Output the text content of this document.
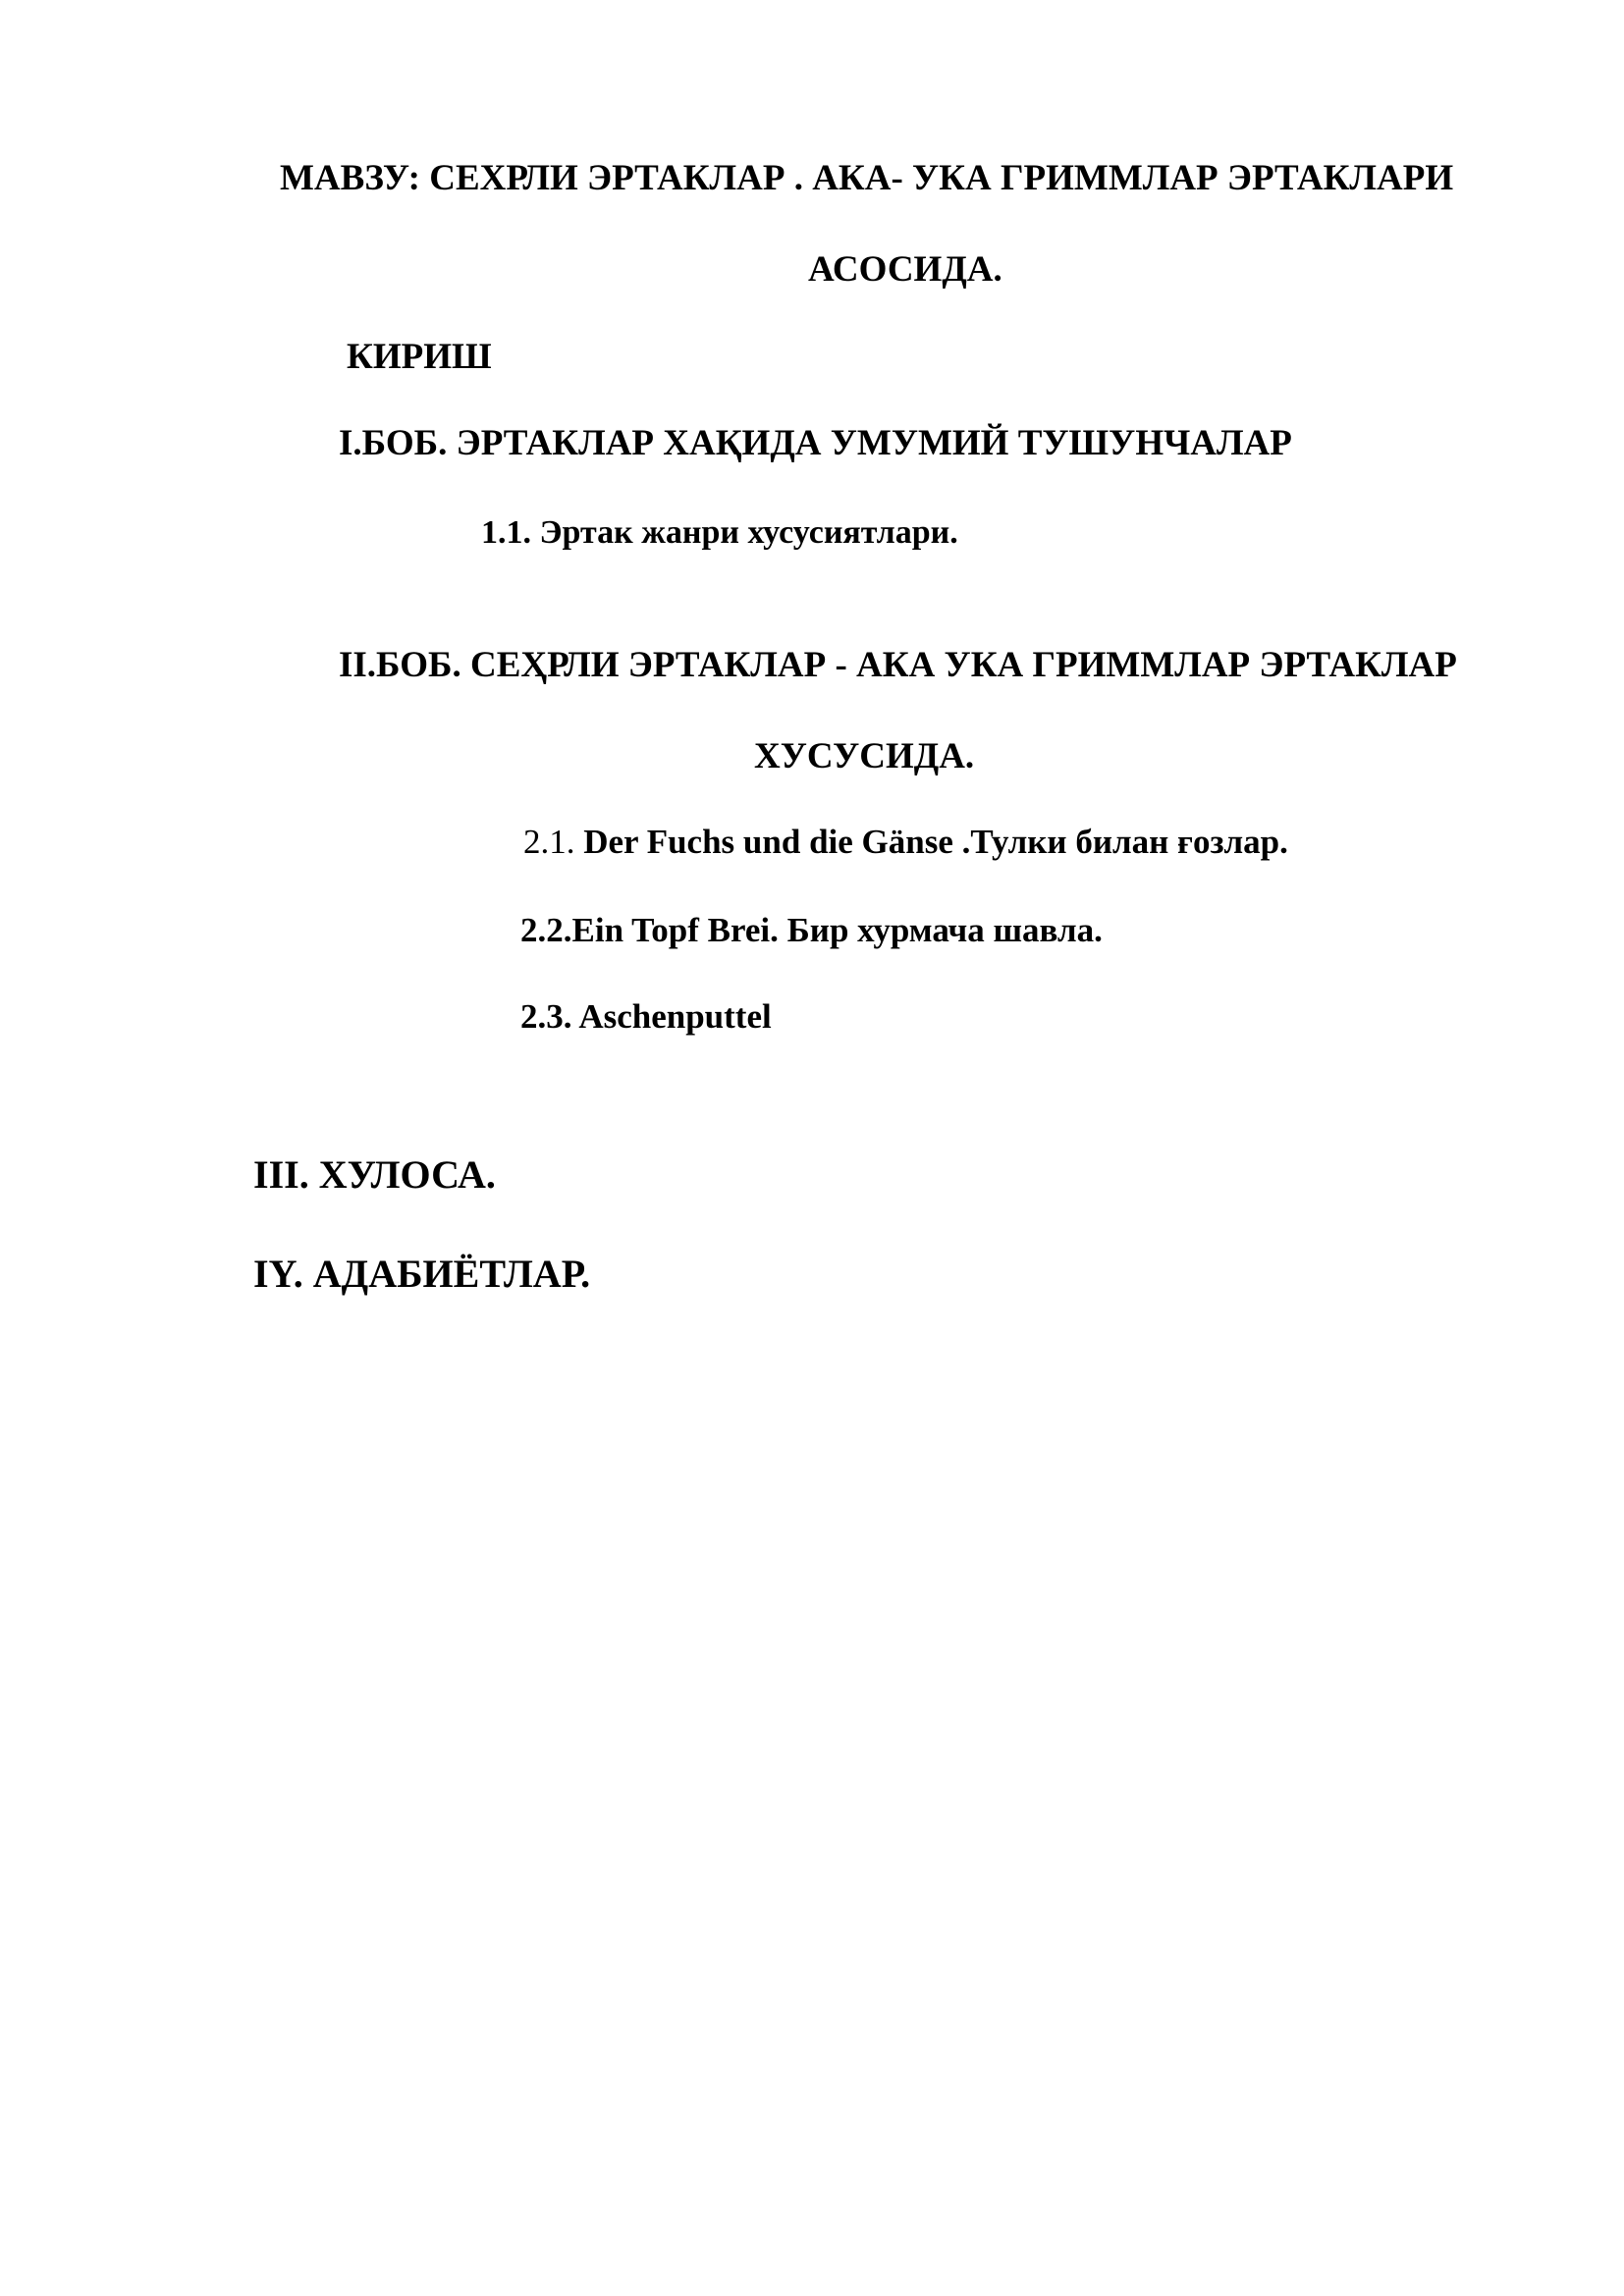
МАВЗУ: СЕХРЛИ ЭРТАКЛАР . АКА- УКА ГРИММЛАР ЭРТАКЛАРИ
АСОСИДА.
КИРИШ
I.БОБ. ЭРТАКЛАР ХАҚИДА УМУМИЙ ТУШУНЧАЛАР
1.1. Эртак жанри хусусиятлари.
II.БОБ. СЕҲРЛИ ЭРТАКЛАР - АКА УКА ГРИММЛАР ЭРТАКЛАР
ХУСУСИДА.
2.1. Der Fuchs und die Gänse .Тулки билан ғозлар.
2.2.Ein Topf Brei. Бир хурмача шавла.
2.3. Aschenputtel
III. ХУЛОСА.
IY. АДАБИЁТЛАР.
